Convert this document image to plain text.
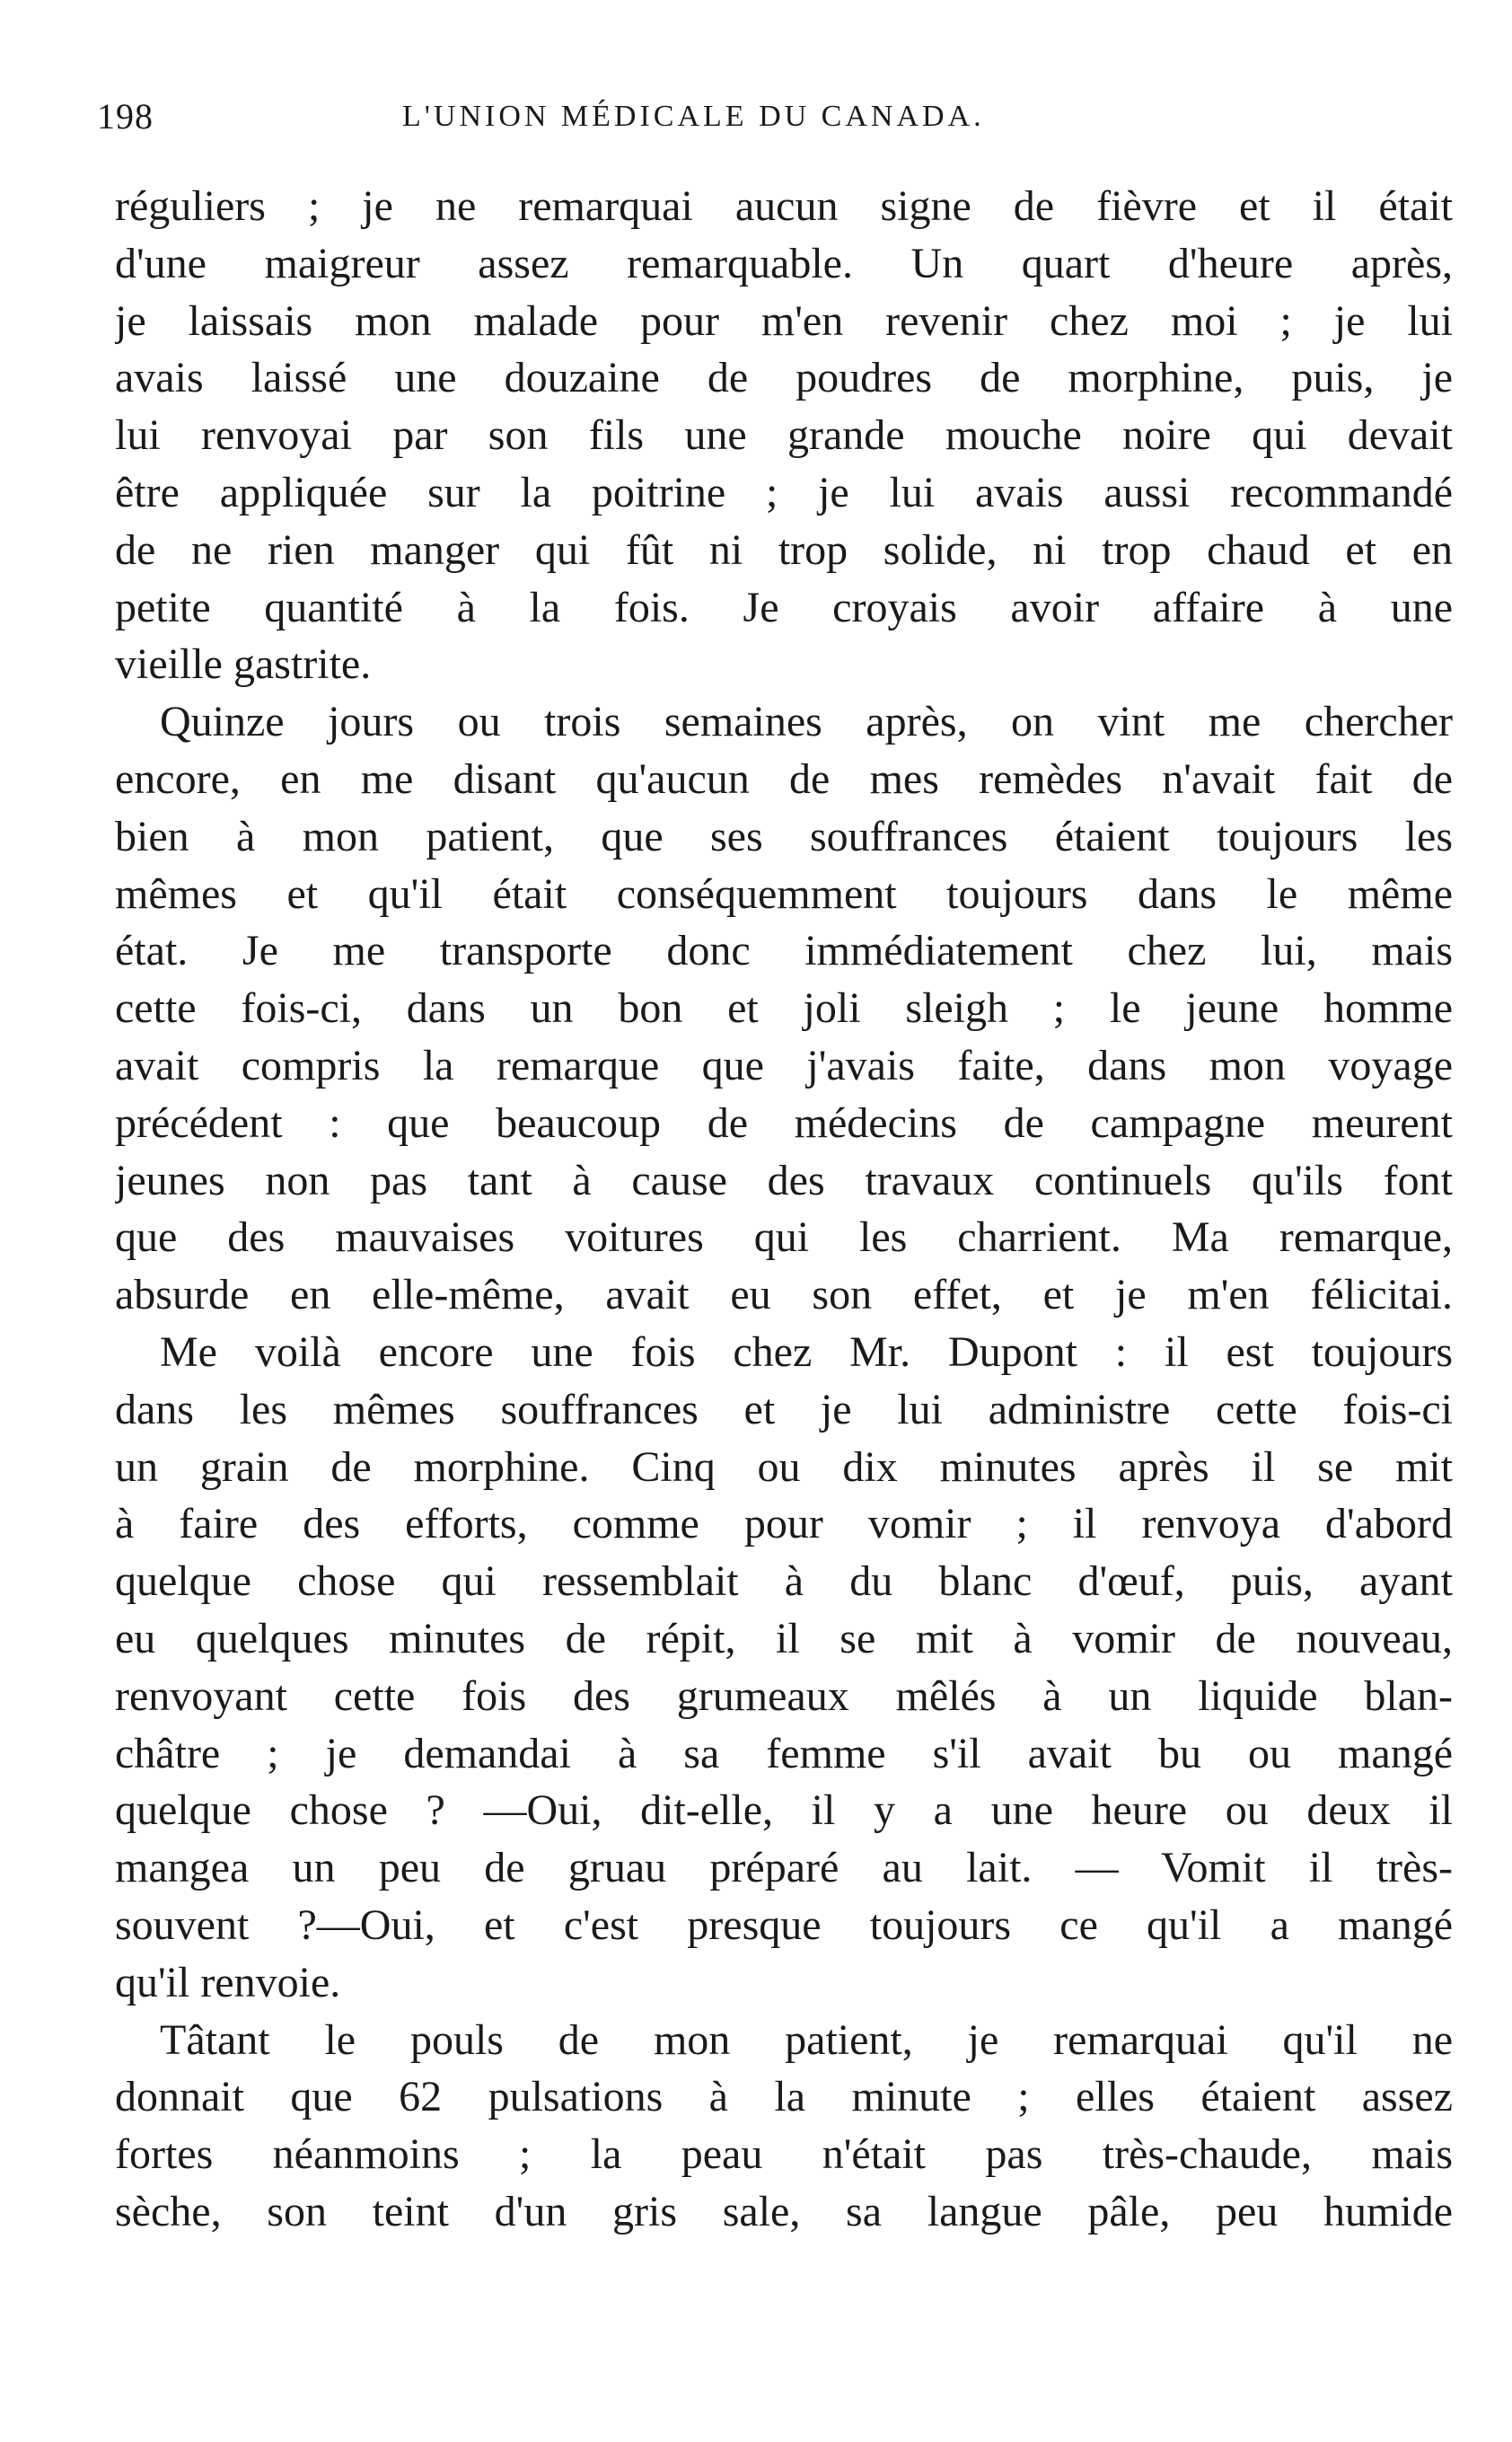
198	L'UNION MÉDICALE DU CANADA.

réguliers ; je ne remarquai aucun signe de fièvre et il était
d'une maigreur assez remarquable. Un quart d'heure après,
je laissais mon malade pour m'en revenir chez moi ; je lui
avais laissé une douzaine de poudres de morphine, puis, je
lui renvoyai par son fils une grande mouche noire qui devait
être appliquée sur la poitrine ; je lui avais aussi recommandé
de ne rien manger qui fût ni trop solide, ni trop chaud et en
petite quantité à la fois. Je croyais avoir affaire à une
vieille gastrite.

Quinze jours ou trois semaines après, on vint me chercher
encore, en me disant qu'aucun de mes remèdes n'avait fait de
bien à mon patient, que ses souffrances étaient toujours les
mêmes et qu'il était conséquemment toujours dans le même
état. Je me transporte donc immédiatement chez lui, mais
cette fois-ci, dans un bon et joli sleigh ; le jeune homme
avait compris la remarque que j'avais faite, dans mon voyage
précédent : que beaucoup de médecins de campagne meurent
jeunes non pas tant à cause des travaux continuels qu'ils font
que des mauvaises voitures qui les charrient. Ma remarque,
absurde en elle-même, avait eu son effet, et je m'en félicitai.

Me voilà encore une fois chez Mr. Dupont : il est toujours
dans les mêmes souffrances et je lui administre cette fois-ci
un grain de morphine. Cinq ou dix minutes après il se mit
à faire des efforts, comme pour vomir ; il renvoya d'abord
quelque chose qui ressemblait à du blanc d'œuf, puis, ayant
eu quelques minutes de répit, il se mit à vomir de nouveau,
renvoyant cette fois des grumeaux mêlés à un liquide blan-
châtre ; je demandai à sa femme s'il avait bu ou mangé
quelque chose ? —Oui, dit-elle, il y a une heure ou deux il
mangea un peu de gruau préparé au lait. — Vomit il très-
souvent ?—Oui, et c'est presque toujours ce qu'il a mangé
qu'il renvoie.

Tâtant le pouls de mon patient, je remarquai qu'il ne
donnait que 62 pulsations à la minute ; elles étaient assez
fortes néanmoins ; la peau n'était pas très-chaude, mais
sèche, son teint d'un gris sale, sa langue pâle, peu humide
